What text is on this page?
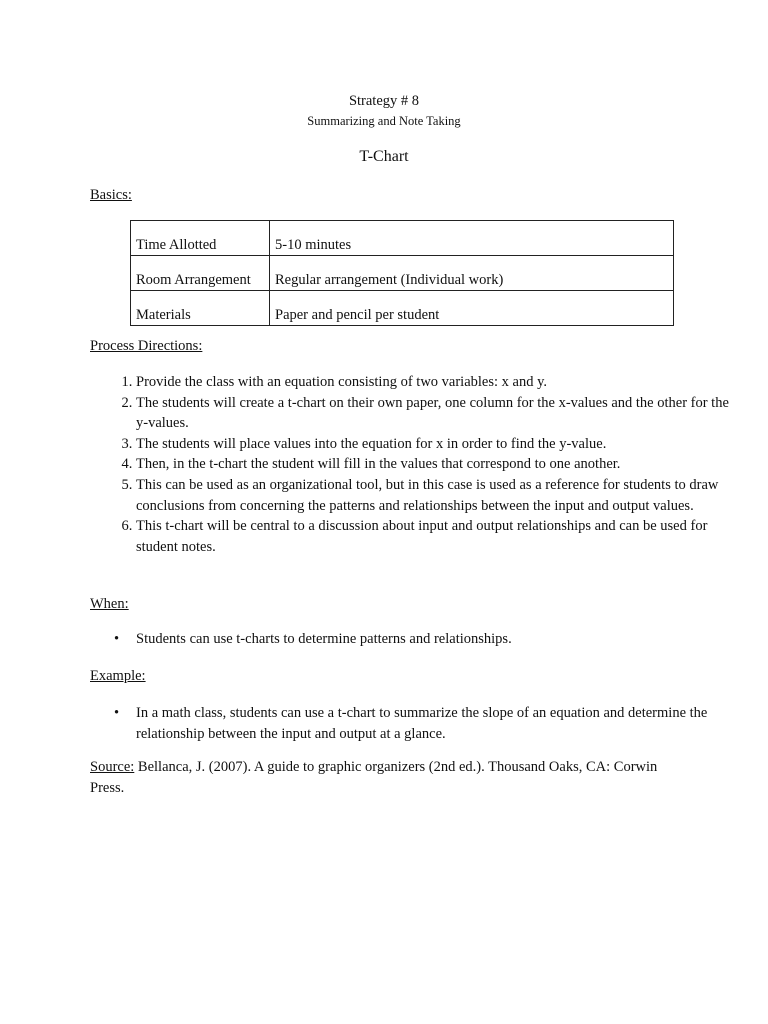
Strategy # 8
Summarizing and Note Taking
T-Chart
Basics:
Time Allotted	5-10 minutes
Room Arrangement	Regular arrangement (Individual work)
Materials	Paper and pencil per student
Process Directions:
1. Provide the class with an equation consisting of two variables: x and y.
2. The students will create a t-chart on their own paper, one column for the x-values and the other for the y-values.
3. The students will place values into the equation for x in order to find the y-value.
4. Then, in the t-chart the student will fill in the values that correspond to one another.
5. This can be used as an organizational tool, but in this case is used as a reference for students to draw conclusions from concerning the patterns and relationships between the input and output values.
6. This t-chart will be central to a discussion about input and output relationships and can be used for student notes.
When:
• Students can use t-charts to determine patterns and relationships.
Example:
• In a math class, students can use a t-chart to summarize the slope of an equation and determine the relationship between the input and output at a glance.

Source: Bellanca, J. (2007). A guide to graphic organizers (2nd ed.). Thousand Oaks, CA: Corwin Press.
